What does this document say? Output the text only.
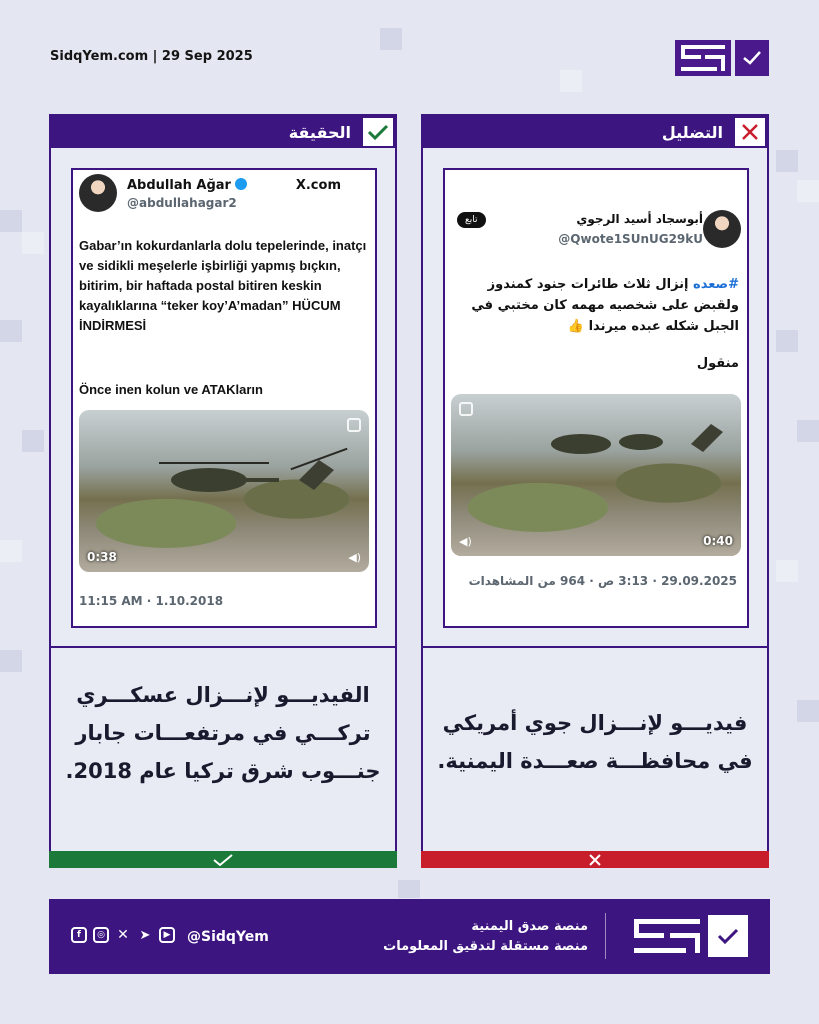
SidqYem.com | 29 Sep 2025
الحقيقة
Abdullah Ağar
@abdullahagar2
X.com
Gabar’ın kokurdanlarla dolu tepelerinde, inatçı ve sidikli meşelerle işbirliği yapmış bıçkın, bitirim, bir haftada postal bitiren keskin kayalıklarına “teker koy’A’madan” HÜCUM İNDİRMESİ
Önce inen kolun ve ATAKların
0:38	◀)
11:15 AM · 1.10.2018
الفيديـــو لإنـــزال عسكـــري تركـــي في مرتفعـــات جابار جنـــوب شرق تركيا عام 2018.
التضليل
أبوسجاد أسيد الرجوي
@Qwote1SUnUG29kU
تابع
#صعده إنزال ثلاث طائرات جنود كمندوز ولقبض على شخصيه مهمه كان مختبي في الجبل شكله عبده ميرندا 👍
منقول
0:40
◀)
29.09.2025 · 3:13 ص · 964 من المشاهدات
فيديـــو لإنـــزال جوي أمريكي في محافظـــة صعـــدة اليمنية.
f	◎ ✕ ➤	▶	@SidqYem
منصة صدق اليمنية
منصة مستقلة لتدقيق المعلومات
